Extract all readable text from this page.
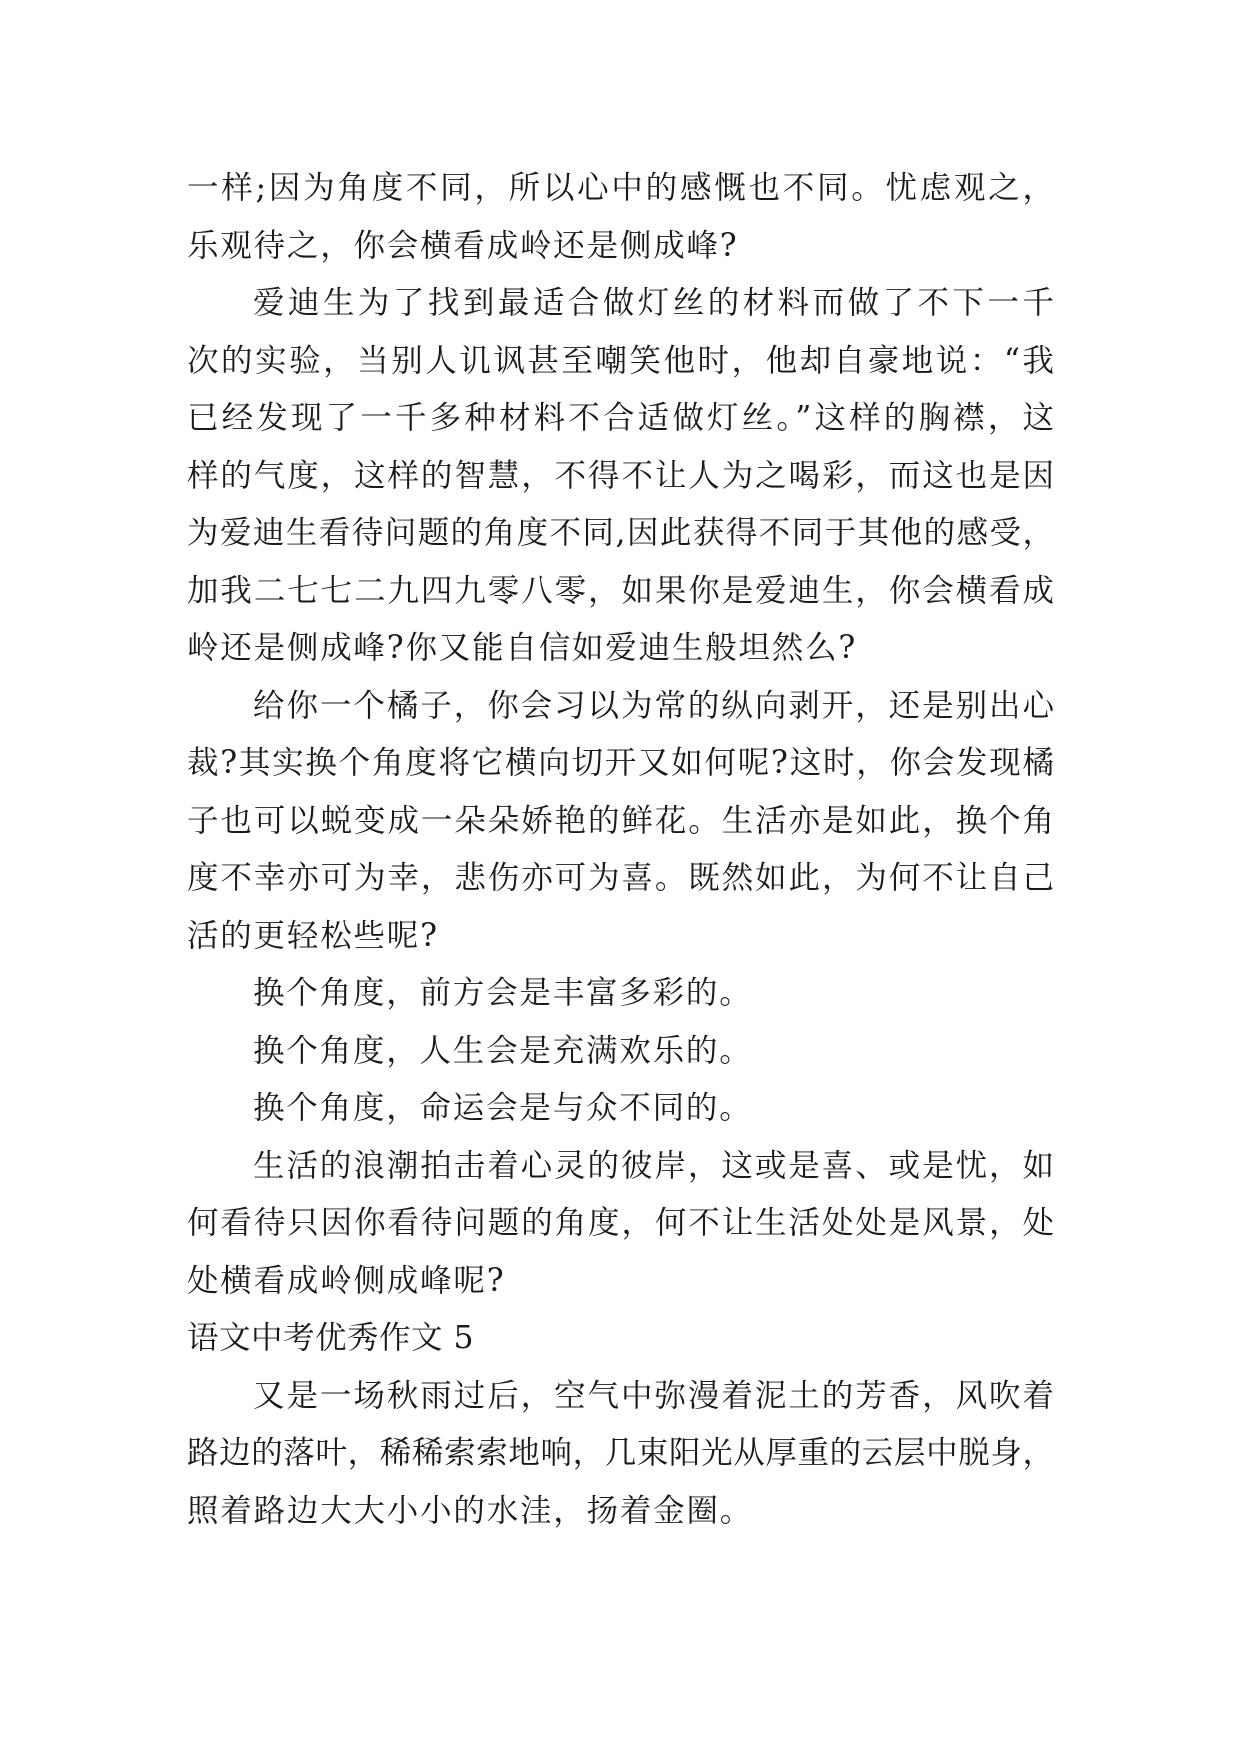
一样;因为角度不同，所以心中的感慨也不同。忧虑观之，
乐观待之，你会横看成岭还是侧成峰?
爱迪生为了找到最适合做灯丝的材料而做了不下一千
次的实验，当别人讥讽甚至嘲笑他时，他却自豪地说：“我
已经发现了一千多种材料不合适做灯丝。”这样的胸襟，这
样的气度，这样的智慧，不得不让人为之喝彩，而这也是因
为爱迪生看待问题的角度不同,因此获得不同于其他的感受，
加我二七七二九四九零八零，如果你是爱迪生，你会横看成
岭还是侧成峰?你又能自信如爱迪生般坦然么?
给你一个橘子，你会习以为常的纵向剥开，还是别出心
裁?其实换个角度将它横向切开又如何呢?这时，你会发现橘
子也可以蜕变成一朵朵娇艳的鲜花。生活亦是如此，换个角
度不幸亦可为幸，悲伤亦可为喜。既然如此，为何不让自己
活的更轻松些呢?
换个角度，前方会是丰富多彩的。
换个角度，人生会是充满欢乐的。
换个角度，命运会是与众不同的。
生活的浪潮拍击着心灵的彼岸，这或是喜、或是忧，如
何看待只因你看待问题的角度，何不让生活处处是风景，处
处横看成岭侧成峰呢?
语文中考优秀作文 5
又是一场秋雨过后，空气中弥漫着泥土的芳香，风吹着
路边的落叶，稀稀索索地响，几束阳光从厚重的云层中脱身，
照着路边大大小小的水洼，扬着金圈。
